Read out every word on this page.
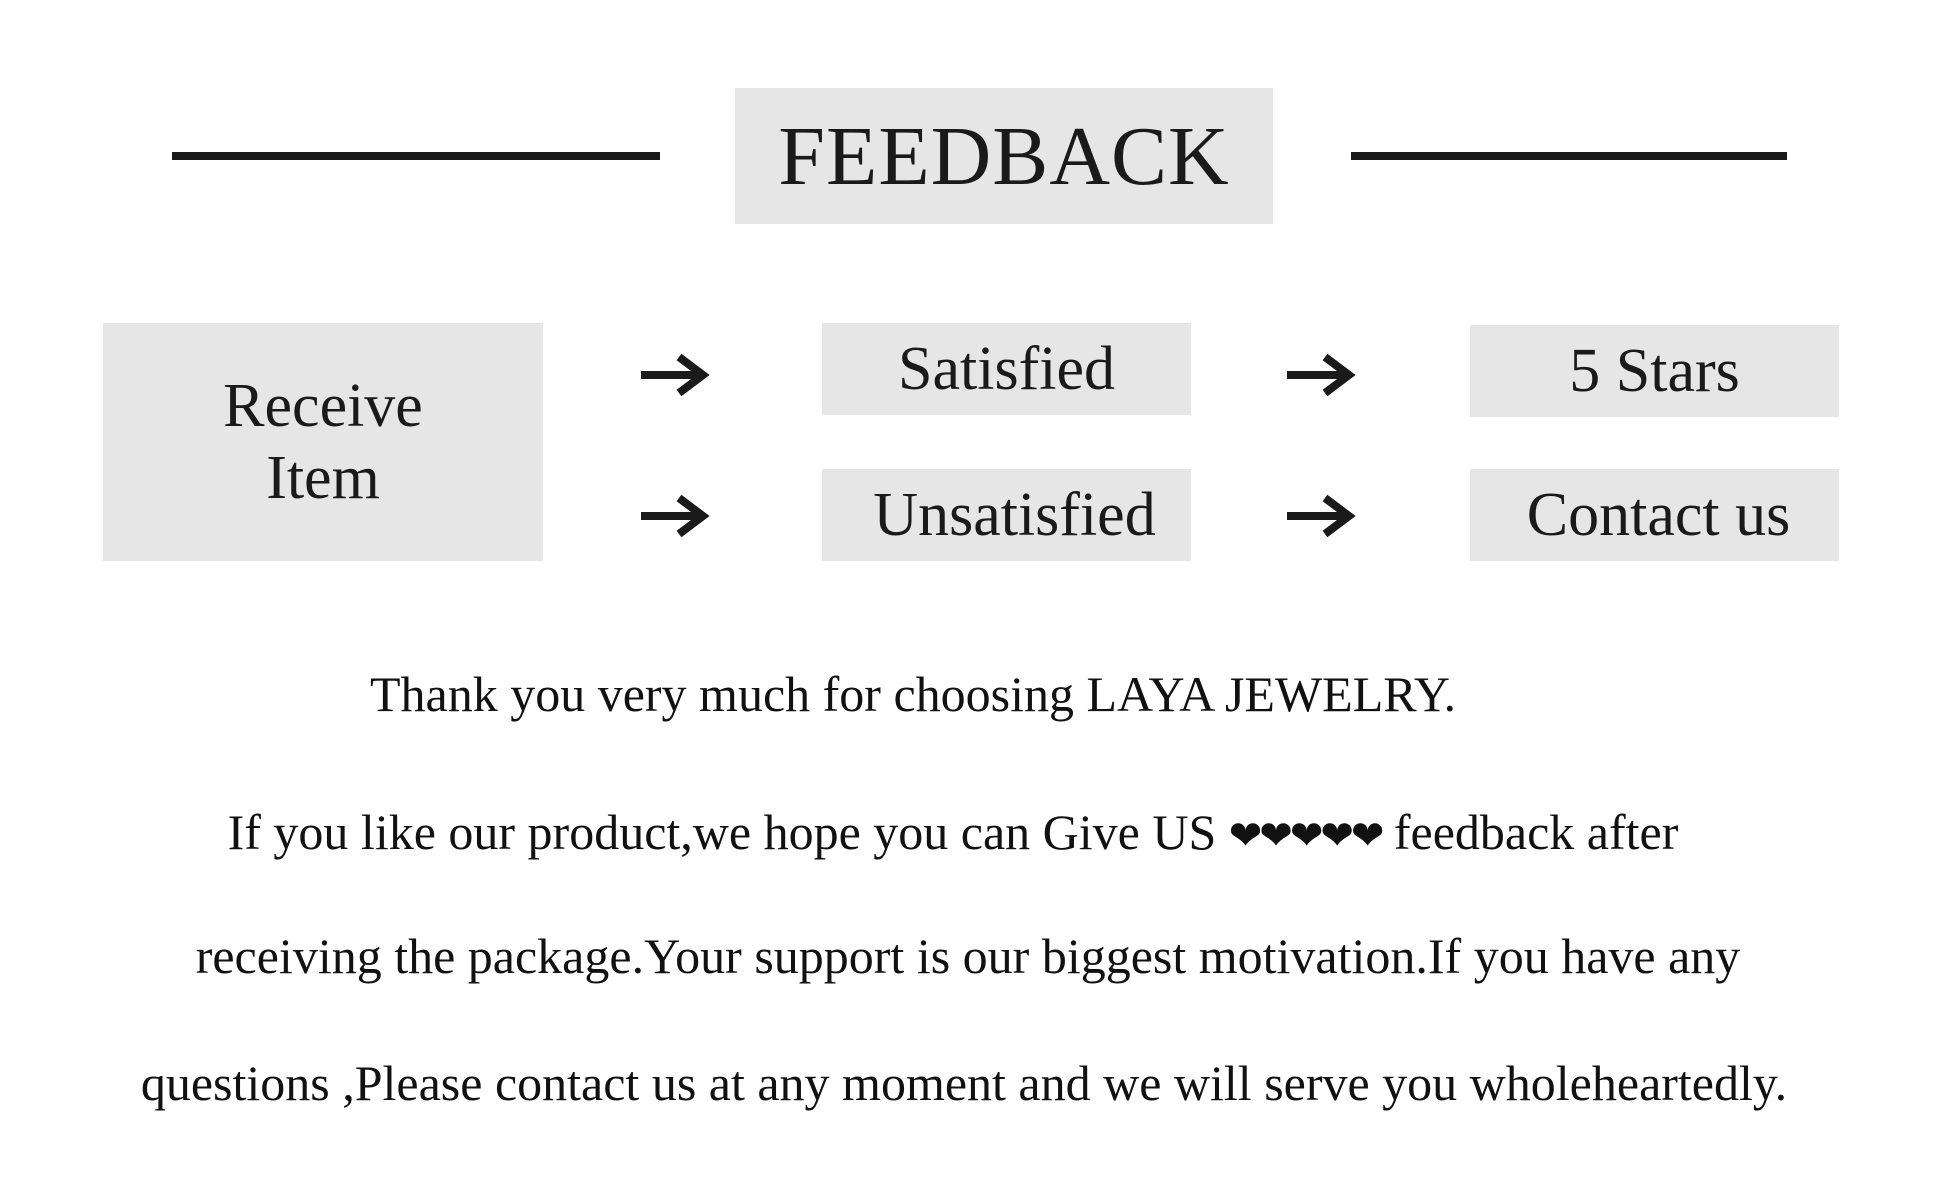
FEEDBACK
Receive
Item
Satisfied
Unsatisfied
5 Stars
Contact us
Thank you very much for choosing LAYA JEWELRY.
If you like our product,we hope you can Give US ❤❤❤❤❤ feedback after
receiving the package.Your support is our biggest motivation.If you have any
questions ,Please contact us at any moment and we will serve you wholeheartedly.
